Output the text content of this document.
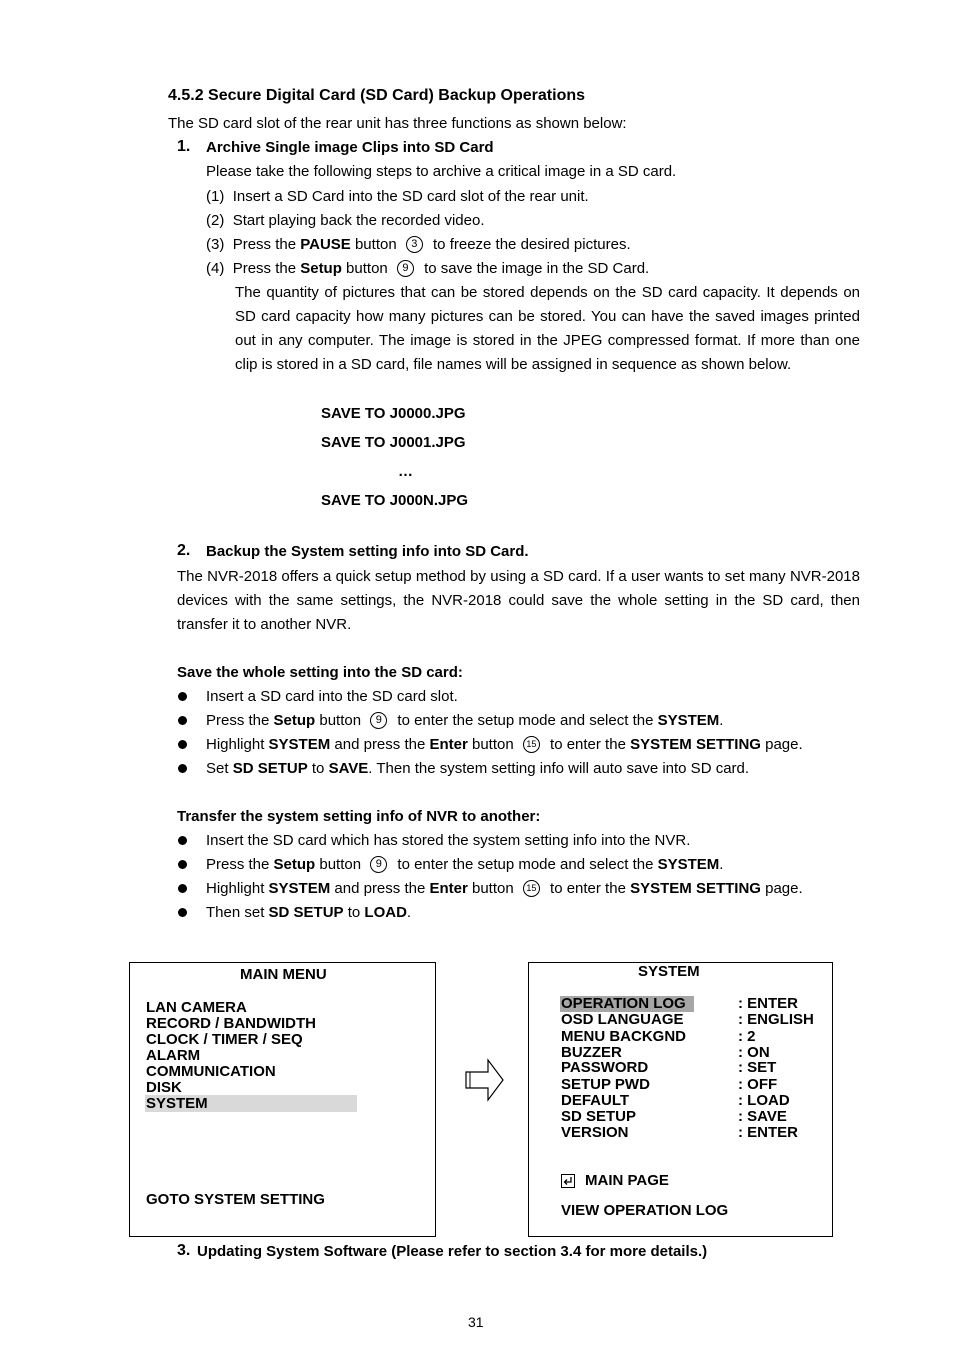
4.5.2 Secure Digital Card (SD Card) Backup Operations
The SD card slot of the rear unit has three functions as shown below:
1. Archive Single image Clips into SD Card
Please take the following steps to archive a critical image in a SD card.
(1) Insert a SD Card into the SD card slot of the rear unit.
(2) Start playing back the recorded video.
(3) Press the PAUSE button 3 to freeze the desired pictures.
(4) Press the Setup button 9 to save the image in the SD Card.
The quantity of pictures that can be stored depends on the SD card capacity. It depends on SD card capacity how many pictures can be stored. You can have the saved images printed out in any computer. The image is stored in the JPEG compressed format. If more than one clip is stored in a SD card, file names will be assigned in sequence as shown below.
SAVE TO J0000.JPG
SAVE TO J0001.JPG
…
SAVE TO J000N.JPG
2. Backup the System setting info into SD Card.
The NVR-2018 offers a quick setup method by using a SD card. If a user wants to set many NVR-2018 devices with the same settings, the NVR-2018 could save the whole setting in the SD card, then transfer it to another NVR.
Save the whole setting into the SD card:
Insert a SD card into the SD card slot.
Press the Setup button 9 to enter the setup mode and select the SYSTEM.
Highlight SYSTEM and press the Enter button 15 to enter the SYSTEM SETTING page.
Set SD SETUP to SAVE. Then the system setting info will auto save into SD card.
Transfer the system setting info of NVR to another:
Insert the SD card which has stored the system setting info into the NVR.
Press the Setup button 9 to enter the setup mode and select the SYSTEM.
Highlight SYSTEM and press the Enter button 15 to enter the SYSTEM SETTING page.
Then set SD SETUP to LOAD.
MAIN MENU
LAN CAMERA
RECORD / BANDWIDTH
CLOCK / TIMER / SEQ
ALARM
COMMUNICATION
DISK
SYSTEM
GOTO SYSTEM SETTING
SYSTEM
OPERATION LOG	: ENTER
OSD LANGUAGE	: ENGLISH
MENU BACKGND	: 2
BUZZER	: ON
PASSWORD	: SET
SETUP PWD	: OFF
DEFAULT	: LOAD
SD SETUP	: SAVE
VERSION	: ENTER
MAIN PAGE
VIEW OPERATION LOG
3. Updating System Software (Please refer to section 3.4 for more details.)
31
